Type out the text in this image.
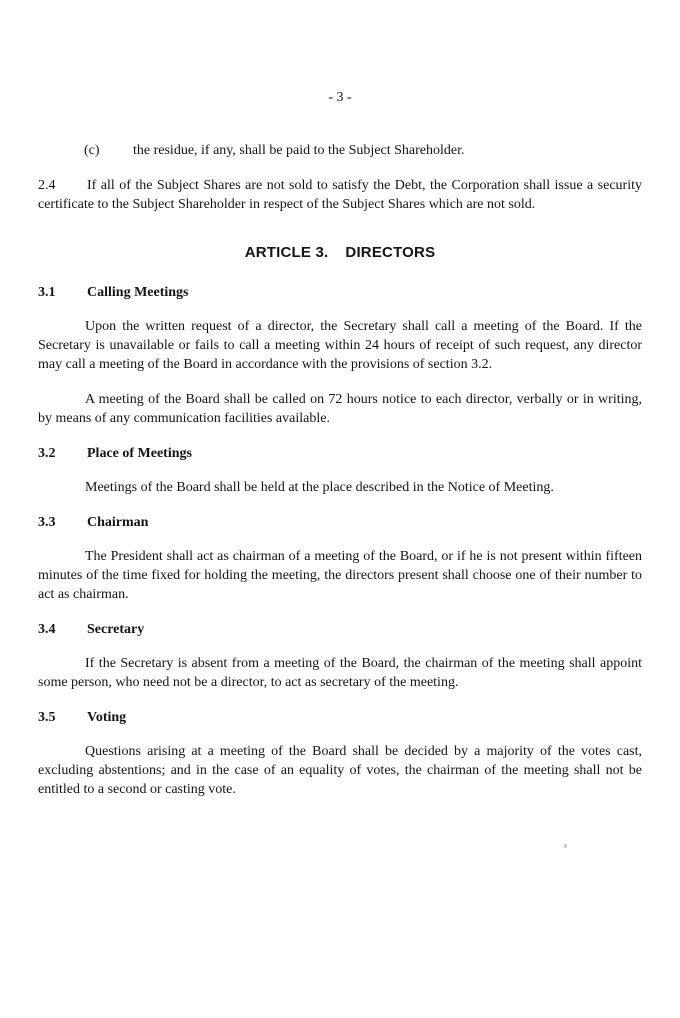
- 3 -

(c) the residue, if any, shall be paid to the Subject Shareholder.

2.4 If all of the Subject Shares are not sold to satisfy the Debt, the Corporation shall issue a security certificate to the Subject Shareholder in respect of the Subject Shares which are not sold.

ARTICLE 3. DIRECTORS
3.1 Calling Meetings

Upon the written request of a director, the Secretary shall call a meeting of the Board. If the Secretary is unavailable or fails to call a meeting within 24 hours of receipt of such request, any director may call a meeting of the Board in accordance with the provisions of section 3.2.

A meeting of the Board shall be called on 72 hours notice to each director, verbally or in writing, by means of any communication facilities available.

3.2 Place of Meetings

Meetings of the Board shall be held at the place described in the Notice of Meeting.

3.3 Chairman

The President shall act as chairman of a meeting of the Board, or if he is not present within fifteen minutes of the time fixed for holding the meeting, the directors present shall choose one of their number to act as chairman.

3.4 Secretary

If the Secretary is absent from a meeting of the Board, the chairman of the meeting shall appoint some person, who need not be a director, to act as secretary of the meeting.

3.5 Voting

Questions arising at a meeting of the Board shall be decided by a majority of the votes cast, excluding abstentions; and in the case of an equality of votes, the chairman of the meeting shall not be entitled to a second or casting vote.
